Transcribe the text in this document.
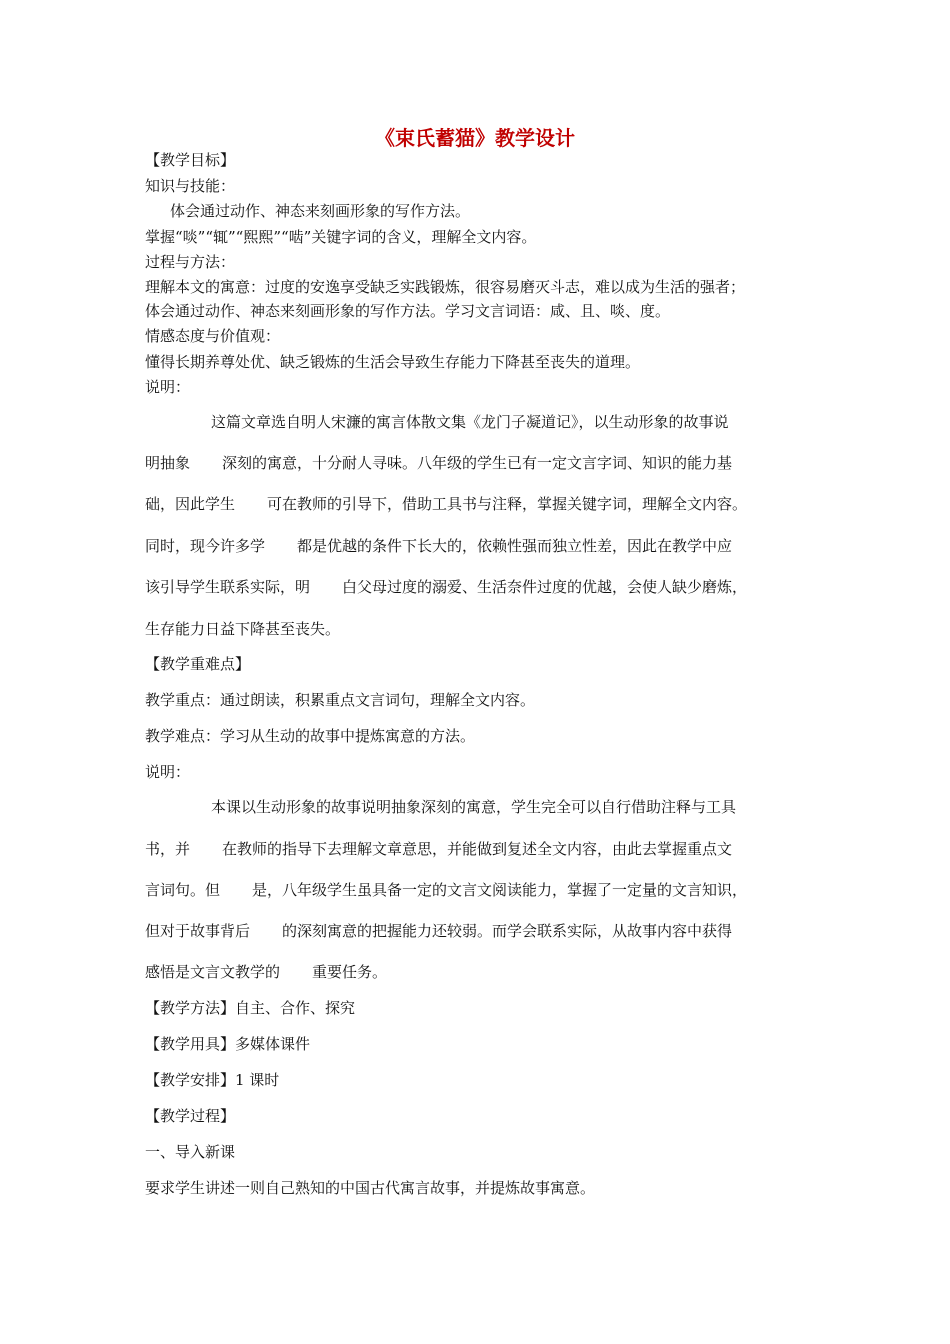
《束氏蓄猫》教学设计
【教学目标】
知识与技能：
体会通过动作、神态来刻画形象的写作方法。
掌握“啖”“辄”“熙熙”“啮”关键字词的含义，理解全文内容。
过程与方法：
理解本文的寓意：过度的安逸享受缺乏实践锻炼，很容易磨灭斗志，难以成为生活的强者；
体会通过动作、神态来刻画形象的写作方法。学习文言词语：咸、且、啖、度。
情感态度与价值观：
懂得长期养尊处优、缺乏锻炼的生活会导致生存能力下降甚至丧失的道理。
说明：
这篇文章选自明人宋濂的寓言体散文集《龙门子凝道记》，以生动形象的故事说
明抽象 深刻的寓意，十分耐人寻味。八年级的学生已有一定文言字词、知识的能力基
础，因此学生 可在教师的引导下，借助工具书与注释，掌握关键字词，理解全文内容。
同时，现今许多学 都是优越的条件下长大的，依赖性强而独立性差，因此在教学中应
该引导学生联系实际，明 白父母过度的溺爱、生活奈件过度的优越，会使人缺少磨炼，
生存能力日益下降甚至丧失。
【教学重难点】
教学重点：通过朗读，积累重点文言词句，理解全文内容。
教学难点：学习从生动的故事中提炼寓意的方法。
说明：
本课以生动形象的故事说明抽象深刻的寓意，学生完全可以自行借助注释与工具
书，并 在教师的指导下去理解文章意思，并能做到复述全文内容，由此去掌握重点文
言词句。但 是，八年级学生虽具备一定的文言文阅读能力，掌握了一定量的文言知识，
但对于故事背后 的深刻寓意的把握能力还较弱。而学会联系实际，从故事内容中获得
感悟是文言文教学的 重要任务。
【教学方法】自主、合作、探究
【教学用具】多媒体课件
【教学安排】1 课时
【教学过程】
一、导入新课
要求学生讲述一则自己熟知的中国古代寓言故事，并提炼故事寓意。
